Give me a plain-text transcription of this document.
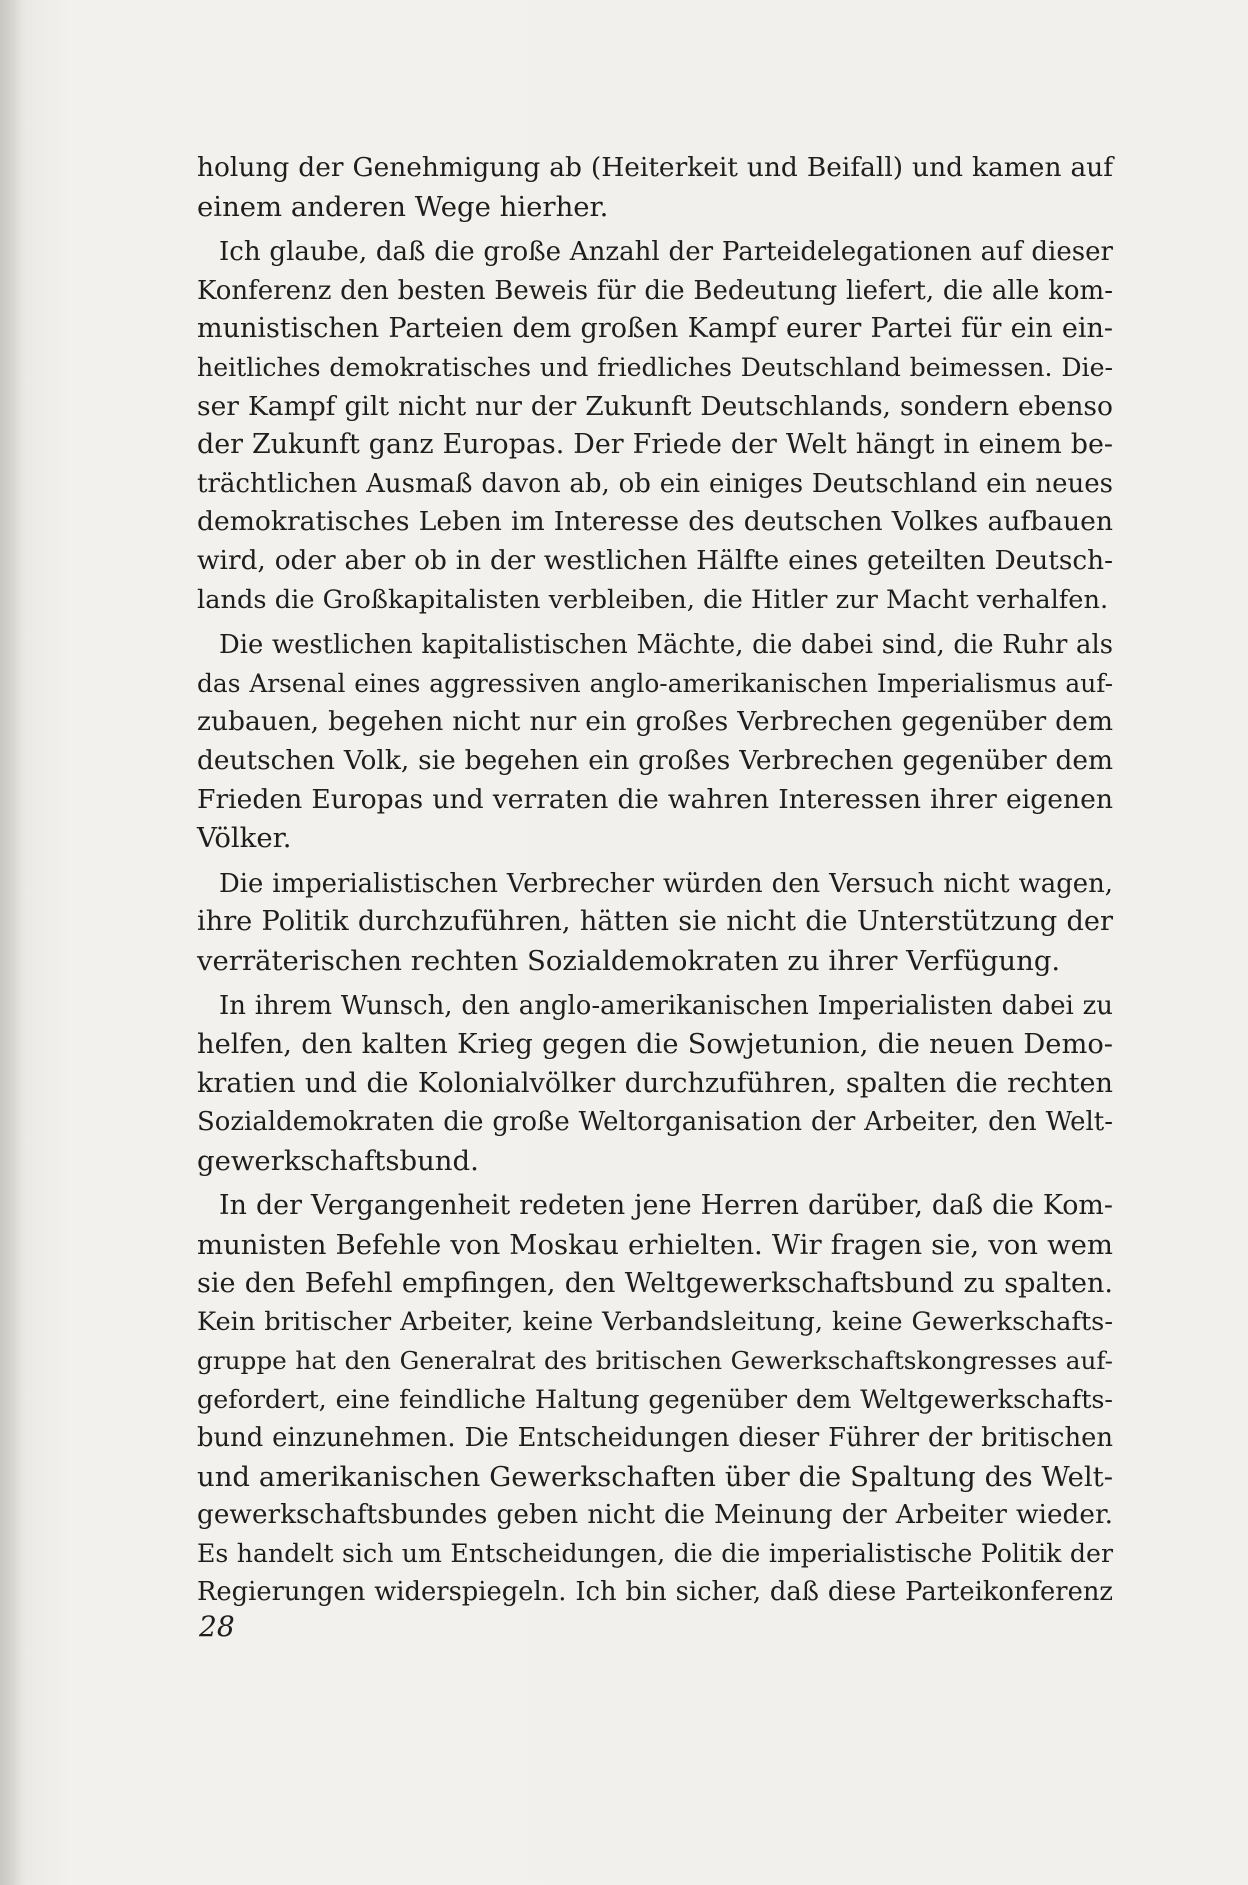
holung der Genehmigung ab (Heiterkeit und Beifall) und kamen auf
einem anderen Wege hierher.
Ich glaube, daß die große Anzahl der Parteidelegationen auf dieser
Konferenz den besten Beweis für die Bedeutung liefert, die alle kom-
munistischen Parteien dem großen Kampf eurer Partei für ein ein-
heitliches demokratisches und friedliches Deutschland beimessen. Die-
ser Kampf gilt nicht nur der Zukunft Deutschlands, sondern ebenso
der Zukunft ganz Europas. Der Friede der Welt hängt in einem be-
trächtlichen Ausmaß davon ab, ob ein einiges Deutschland ein neues
demokratisches Leben im Interesse des deutschen Volkes aufbauen
wird, oder aber ob in der westlichen Hälfte eines geteilten Deutsch-
lands die Großkapitalisten verbleiben, die Hitler zur Macht verhalfen.
Die westlichen kapitalistischen Mächte, die dabei sind, die Ruhr als
das Arsenal eines aggressiven anglo-amerikanischen Imperialismus auf-
zubauen, begehen nicht nur ein großes Verbrechen gegenüber dem
deutschen Volk, sie begehen ein großes Verbrechen gegenüber dem
Frieden Europas und verraten die wahren Interessen ihrer eigenen
Völker.
Die imperialistischen Verbrecher würden den Versuch nicht wagen,
ihre Politik durchzuführen, hätten sie nicht die Unterstützung der
verräterischen rechten Sozialdemokraten zu ihrer Verfügung.
In ihrem Wunsch, den anglo-amerikanischen Imperialisten dabei zu
helfen, den kalten Krieg gegen die Sowjetunion, die neuen Demo-
kratien und die Kolonialvölker durchzuführen, spalten die rechten
Sozialdemokraten die große Weltorganisation der Arbeiter, den Welt-
gewerkschaftsbund.
In der Vergangenheit redeten jene Herren darüber, daß die Kom-
munisten Befehle von Moskau erhielten. Wir fragen sie, von wem
sie den Befehl empfingen, den Weltgewerkschaftsbund zu spalten.
Kein britischer Arbeiter, keine Verbandsleitung, keine Gewerkschafts-
gruppe hat den Generalrat des britischen Gewerkschaftskongresses auf-
gefordert, eine feindliche Haltung gegenüber dem Weltgewerkschafts-
bund einzunehmen. Die Entscheidungen dieser Führer der britischen
und amerikanischen Gewerkschaften über die Spaltung des Welt-
gewerkschaftsbundes geben nicht die Meinung der Arbeiter wieder.
Es handelt sich um Entscheidungen, die die imperialistische Politik der
Regierungen widerspiegeln. Ich bin sicher, daß diese Parteikonferenz
28
